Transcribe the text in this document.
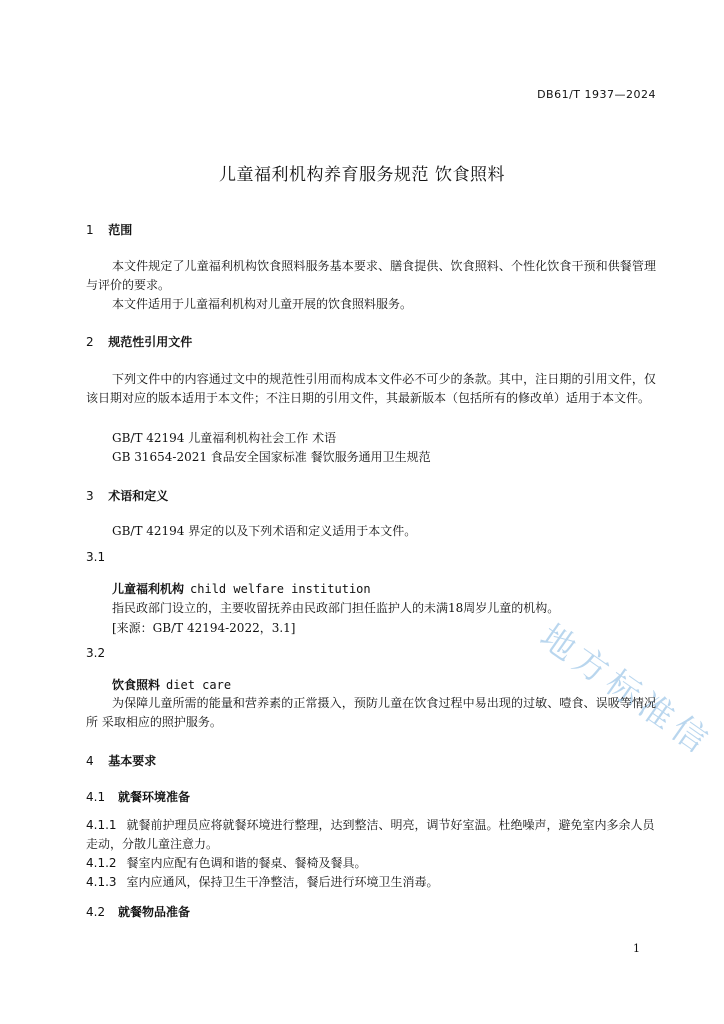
地方标准信
DB61/T 1937—2024
儿童福利机构养育服务规范 饮食照料
1 范围
本文件规定了儿童福利机构饮食照料服务基本要求、膳食提供、饮食照料、个性化饮食干预和供餐管理与评价的要求。
本文件适用于儿童福利机构对儿童开展的饮食照料服务。
2 规范性引用文件
下列文件中的内容通过文中的规范性引用而构成本文件必不可少的条款。其中，注日期的引用文件，仅该日期对应的版本适用于本文件；不注日期的引用文件，其最新版本（包括所有的修改单）适用于本文件。
GB/T 42194 儿童福利机构社会工作 术语
GB 31654-2021 食品安全国家标准 餐饮服务通用卫生规范
3 术语和定义
GB/T 42194 界定的以及下列术语和定义适用于本文件。
3.1
儿童福利机构 child welfare institution
指民政部门设立的，主要收留抚养由民政部门担任监护人的未满18周岁儿童的机构。
[来源：GB/T 42194-2022，3.1]
3.2
饮食照料 diet care
为保障儿童所需的能量和营养素的正常摄入，预防儿童在饮食过程中易出现的过敏、噎食、误吸等情况所 采取相应的照护服务。
4 基本要求
4.1 就餐环境准备
4.1.1 就餐前护理员应将就餐环境进行整理，达到整洁、明亮，调节好室温。杜绝噪声，避免室内多余人员走动，分散儿童注意力。
4.1.2 餐室内应配有色调和谐的餐桌、餐椅及餐具。
4.1.3 室内应通风，保持卫生干净整洁，餐后进行环境卫生消毒。
4.2 就餐物品准备
1
